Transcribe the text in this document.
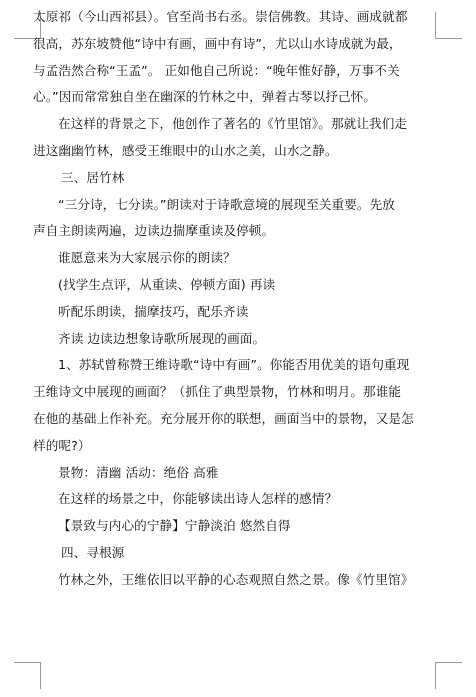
太原祁（今山西祁县）。官至尚书右丞。崇信佛教。其诗、画成就都
很高，苏东坡赞他“诗中有画，画中有诗”，尤以山水诗成就为最，
与孟浩然合称“王孟”。 正如他自己所说：“晚年惟好静，万事不关
心。”因而常常独自坐在幽深的竹林之中，弹着古琴以抒己怀。
在这样的背景之下，他创作了著名的《竹里馆》。那就让我们走
进这幽幽竹林，感受王维眼中的山水之美，山水之静。
三、居竹林
“三分诗，七分读。”朗读对于诗歌意境的展现至关重要。先放
声自主朗读两遍，边读边揣摩重读及停顿。
谁愿意来为大家展示你的朗读？
(找学生点评，从重读、停顿方面) 再读
听配乐朗读，揣摩技巧，配乐齐读
齐读 边读边想象诗歌所展现的画面。
1、苏轼曾称赞王维诗歌“诗中有画”。你能否用优美的语句重现
王维诗文中展现的画面？（抓住了典型景物，竹林和明月。那谁能
在他的基础上作补充。充分展开你的联想，画面当中的景物，又是怎
样的呢?）
景物：清幽 活动：绝俗 高雅
在这样的场景之中，你能够读出诗人怎样的感情？
【景致与内心的宁静】宁静淡泊 悠然自得
四、寻根源
竹林之外，王维依旧以平静的心态观照自然之景。像《竹里馆》
